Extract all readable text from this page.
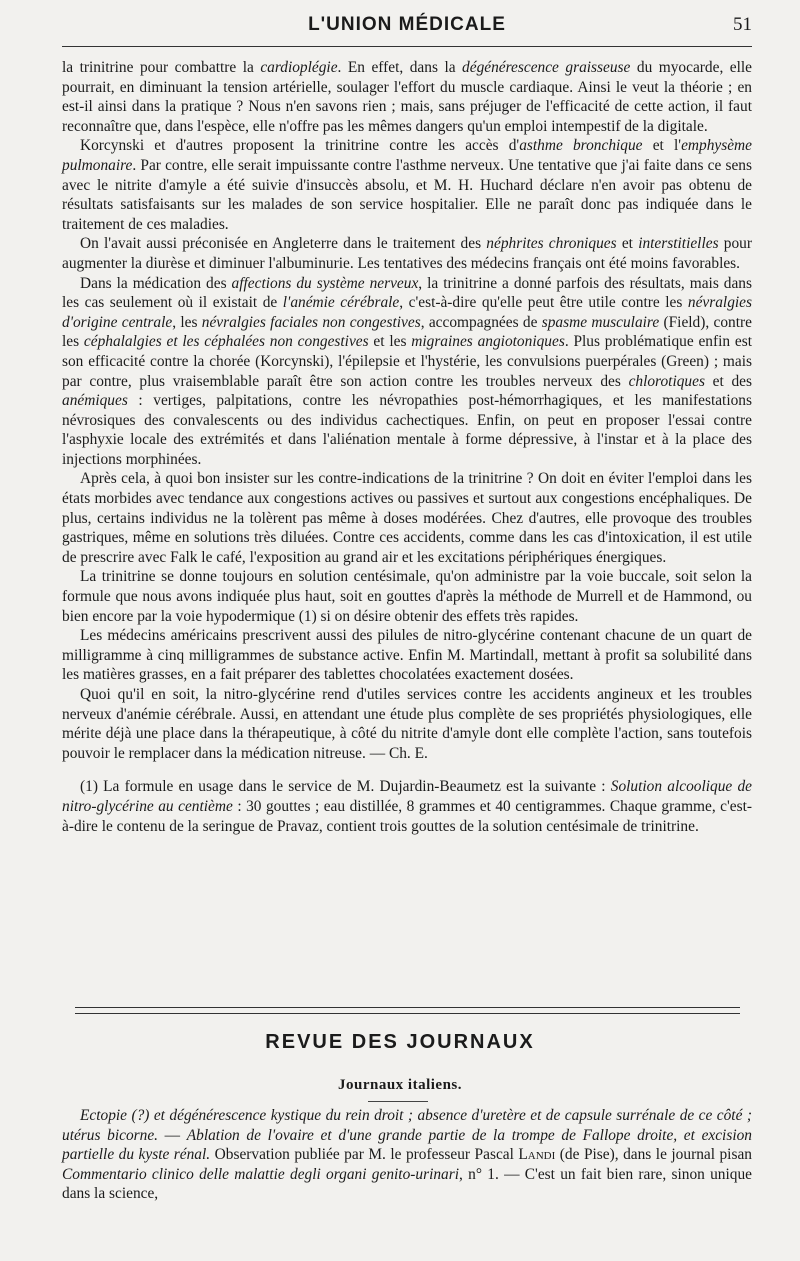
L'UNION MÉDICALE	51

la trinitrine pour combattre la cardioplégie. En effet, dans la dégénérescence graisseuse du myocarde, elle pourrait, en diminuant la tension artérielle, soulager l'effort du muscle cardiaque. Ainsi le veut la théorie ; en est-il ainsi dans la pratique ? Nous n'en savons rien ; mais, sans préjuger de l'efficacité de cette action, il faut reconnaître que, dans l'espèce, elle n'offre pas les mêmes dangers qu'un emploi intempestif de la digitale.

Korcynski et d'autres proposent la trinitrine contre les accès d'asthme bronchique et l'emphysème pulmonaire. Par contre, elle serait impuissante contre l'asthme nerveux. Une tentative que j'ai faite dans ce sens avec le nitrite d'amyle a été suivie d'insuccès absolu, et M. H. Huchard déclare n'en avoir pas obtenu de résultats satisfaisants sur les malades de son service hospitalier. Elle ne paraît donc pas indiquée dans le traitement de ces maladies.

On l'avait aussi préconisée en Angleterre dans le traitement des néphrites chroniques et interstitielles pour augmenter la diurèse et diminuer l'albuminurie. Les tentatives des médecins français ont été moins favorables.

Dans la médication des affections du système nerveux, la trinitrine a donné parfois des résultats, mais dans les cas seulement où il existait de l'anémie cérébrale, c'est-à-dire qu'elle peut être utile contre les névralgies d'origine centrale, les névralgies faciales non congestives, accompagnées de spasme musculaire (Field), contre les céphalalgies et les céphalées non congestives et les migraines angiotoniques. Plus problématique enfin est son efficacité contre la chorée (Korcynski), l'épilepsie et l'hystérie, les convulsions puerpérales (Green) ; mais par contre, plus vraisemblable paraît être son action contre les troubles nerveux des chlorotiques et des anémiques : vertiges, palpitations, contre les névropathies post-hémorrhagiques, et les manifestations névrosiques des convalescents ou des individus cachectiques. Enfin, on peut en proposer l'essai contre l'asphyxie locale des extrémités et dans l'aliénation mentale à forme dépressive, à l'instar et à la place des injections morphinées.

Après cela, à quoi bon insister sur les contre-indications de la trinitrine ? On doit en éviter l'emploi dans les états morbides avec tendance aux congestions actives ou passives et surtout aux congestions encéphaliques. De plus, certains individus ne la tolèrent pas même à doses modérées. Chez d'autres, elle provoque des troubles gastriques, même en solutions très diluées. Contre ces accidents, comme dans les cas d'intoxication, il est utile de prescrire avec Falk le café, l'exposition au grand air et les excitations périphériques énergiques.

La trinitrine se donne toujours en solution centésimale, qu'on administre par la voie buccale, soit selon la formule que nous avons indiquée plus haut, soit en gouttes d'après la méthode de Murrell et de Hammond, ou bien encore par la voie hypodermique (1) si on désire obtenir des effets très rapides.

Les médecins américains prescrivent aussi des pilules de nitro-glycérine contenant chacune de un quart de milligramme à cinq milligrammes de substance active. Enfin M. Martindall, mettant à profit sa solubilité dans les matières grasses, en a fait préparer des tablettes chocolatées exactement dosées.

Quoi qu'il en soit, la nitro-glycérine rend d'utiles services contre les accidents angineux et les troubles nerveux d'anémie cérébrale. Aussi, en attendant une étude plus complète de ses propriétés physiologiques, elle mérite déjà une place dans la thérapeutique, à côté du nitrite d'amyle dont elle complète l'action, sans toutefois pouvoir le remplacer dans la médication nitreuse. — Ch. E.

(1) La formule en usage dans le service de M. Dujardin-Beaumetz est la suivante : Solution alcoolique de nitro-glycérine au centième : 30 gouttes ; eau distillée, 8 grammes et 40 centigrammes. Chaque gramme, c'est-à-dire le contenu de la seringue de Pravaz, contient trois gouttes de la solution centésimale de trinitrine.

REVUE DES JOURNAUX
Journaux italiens.

Ectopie (?) et dégénérescence kystique du rein droit ; absence d'uretère et de capsule surrénale de ce côté ; utérus bicorne. — Ablation de l'ovaire et d'une grande partie de la trompe de Fallope droite, et excision partielle du kyste rénal. Observation publiée par M. le professeur Pascal Landi (de Pise), dans le journal pisan Commentario clinico delle malattie degli organi genito-urinari, n° 1. — C'est un fait bien rare, sinon unique dans la science,
